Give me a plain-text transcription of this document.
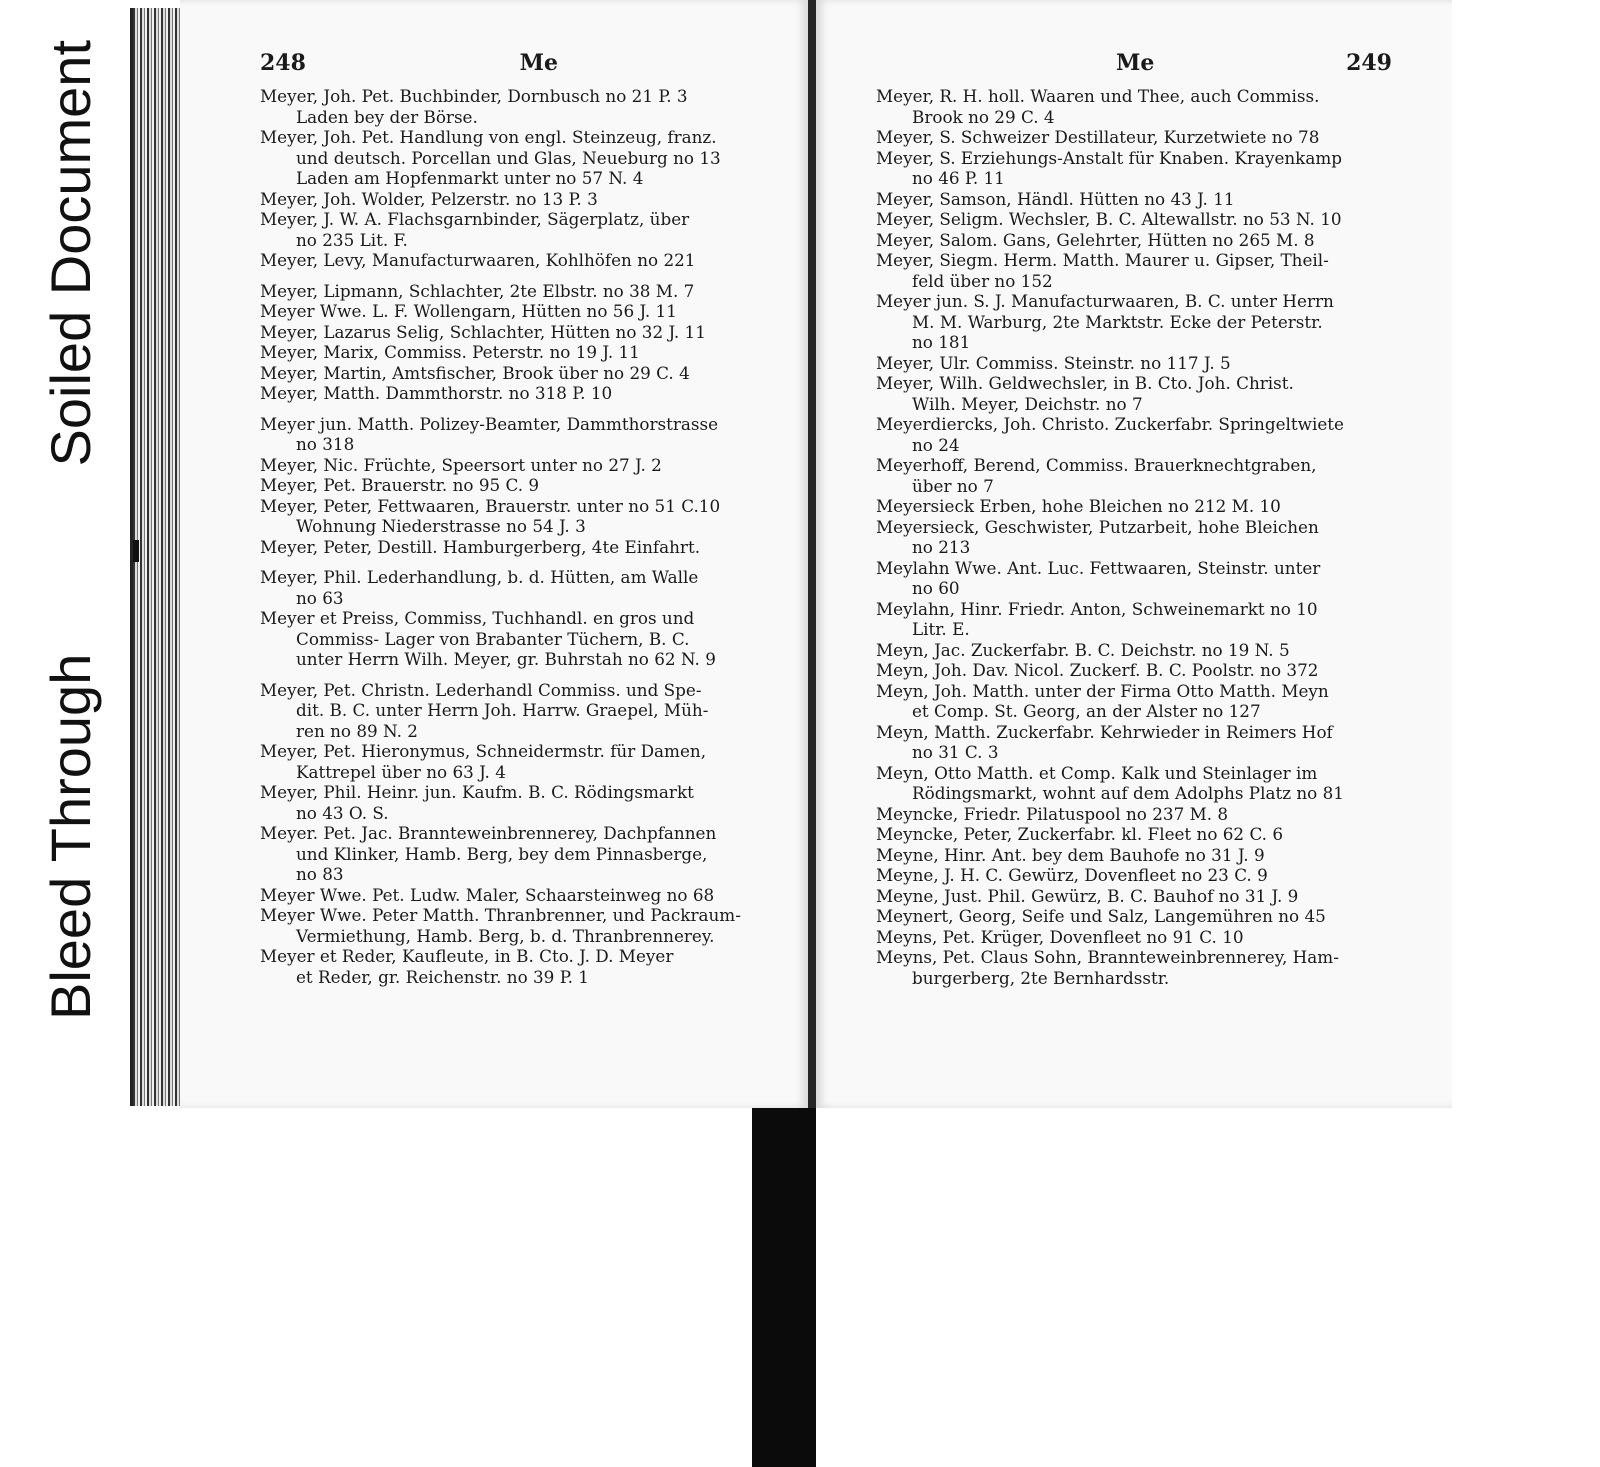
Bleed Through
Soiled Document	248	Me

Meyer, Joh. Pet. Buchbinder, Dornbusch no 21 P. 3

Laden bey der Börse.

Meyer, Joh. Pet. Handlung von engl. Steinzeug, franz.

und deutsch. Porcellan und Glas, Neueburg no 13
Laden am Hopfenmarkt unter no 57 N. 4

Meyer, Joh. Wolder, Pelzerstr. no 13 P. 3

Meyer, J. W. A. Flachsgarnbinder, Sägerplatz, über

no 235 Lit. F.

Meyer, Levy, Manufacturwaaren, Kohlhöfen no 221

Meyer, Lipmann, Schlachter, 2te Elbstr. no 38 M. 7

Meyer Wwe. L. F. Wollengarn, Hütten no 56 J. 11

Meyer, Lazarus Selig, Schlachter, Hütten no 32 J. 11

Meyer, Marix, Commiss. Peterstr. no 19 J. 11

Meyer, Martin, Amtsfischer, Brook über no 29 C. 4

Meyer, Matth. Dammthorstr. no 318 P. 10

Meyer jun. Matth. Polizey-Beamter, Dammthorstrasse

no 318

Meyer, Nic. Früchte, Speersort unter no 27 J. 2

Meyer, Pet. Brauerstr. no 95 C. 9

Meyer, Peter, Fettwaaren, Brauerstr. unter no 51 C.10

Wohnung Niederstrasse no 54 J. 3

Meyer, Peter, Destill. Hamburgerberg, 4te Einfahrt.

Meyer, Phil. Lederhandlung, b. d. Hütten, am Walle

no 63

Meyer et Preiss, Commiss, Tuchhandl. en gros und

Commiss- Lager von Brabanter Tüchern, B. C.
unter Herrn Wilh. Meyer, gr. Buhrstah no 62 N. 9

Meyer, Pet. Christn. Lederhandl Commiss. und Spe-

dit. B. C. unter Herrn Joh. Harrw. Graepel, Müh-
ren no 89 N. 2

Meyer, Pet. Hieronymus, Schneidermstr. für Damen,

Kattrepel über no 63 J. 4

Meyer, Phil. Heinr. jun. Kaufm. B. C. Rödingsmarkt

no 43 O. S.

Meyer. Pet. Jac. Brannteweinbrennerey, Dachpfannen

und Klinker, Hamb. Berg, bey dem Pinnasberge,
no 83

Meyer Wwe. Pet. Ludw. Maler, Schaarsteinweg no 68

Meyer Wwe. Peter Matth. Thranbrenner, und Packraum-

Vermiethung, Hamb. Berg, b. d. Thranbrennerey.

Meyer et Reder, Kaufleute, in B. Cto. J. D. Meyer

et Reder, gr. Reichenstr. no 39 P. 1

Me	249

Meyer, R. H. holl. Waaren und Thee, auch Commiss.

Brook no 29 C. 4

Meyer, S. Schweizer Destillateur, Kurzetwiete no 78

Meyer, S. Erziehungs-Anstalt für Knaben. Krayenkamp

no 46 P. 11

Meyer, Samson, Händl. Hütten no 43 J. 11

Meyer, Seligm. Wechsler, B. C. Altewallstr. no 53 N. 10

Meyer, Salom. Gans, Gelehrter, Hütten no 265 M. 8

Meyer, Siegm. Herm. Matth. Maurer u. Gipser, Theil-

feld über no 152

Meyer jun. S. J. Manufacturwaaren, B. C. unter Herrn

M. M. Warburg, 2te Marktstr. Ecke der Peterstr.
no 181

Meyer, Ulr. Commiss. Steinstr. no 117 J. 5

Meyer, Wilh. Geldwechsler, in B. Cto. Joh. Christ.

Wilh. Meyer, Deichstr. no 7

Meyerdiercks, Joh. Christo. Zuckerfabr. Springeltwiete

no 24

Meyerhoff, Berend, Commiss. Brauerknechtgraben,

über no 7

Meyersieck Erben, hohe Bleichen no 212 M. 10

Meyersieck, Geschwister, Putzarbeit, hohe Bleichen

no 213

Meylahn Wwe. Ant. Luc. Fettwaaren, Steinstr. unter

no 60

Meylahn, Hinr. Friedr. Anton, Schweinemarkt no 10

Litr. E.

Meyn, Jac. Zuckerfabr. B. C. Deichstr. no 19 N. 5

Meyn, Joh. Dav. Nicol. Zuckerf. B. C. Poolstr. no 372

Meyn, Joh. Matth. unter der Firma Otto Matth. Meyn

et Comp. St. Georg, an der Alster no 127

Meyn, Matth. Zuckerfabr. Kehrwieder in Reimers Hof

no 31 C. 3

Meyn, Otto Matth. et Comp. Kalk und Steinlager im

Rödingsmarkt, wohnt auf dem Adolphs Platz no 81

Meyncke, Friedr. Pilatuspool no 237 M. 8

Meyncke, Peter, Zuckerfabr. kl. Fleet no 62 C. 6

Meyne, Hinr. Ant. bey dem Bauhofe no 31 J. 9

Meyne, J. H. C. Gewürz, Dovenfleet no 23 C. 9

Meyne, Just. Phil. Gewürz, B. C. Bauhof no 31 J. 9

Meynert, Georg, Seife und Salz, Langemühren no 45

Meyns, Pet. Krüger, Dovenfleet no 91 C. 10

Meyns, Pet. Claus Sohn, Brannteweinbrennerey, Ham-

burgerberg, 2te Bernhardsstr.
